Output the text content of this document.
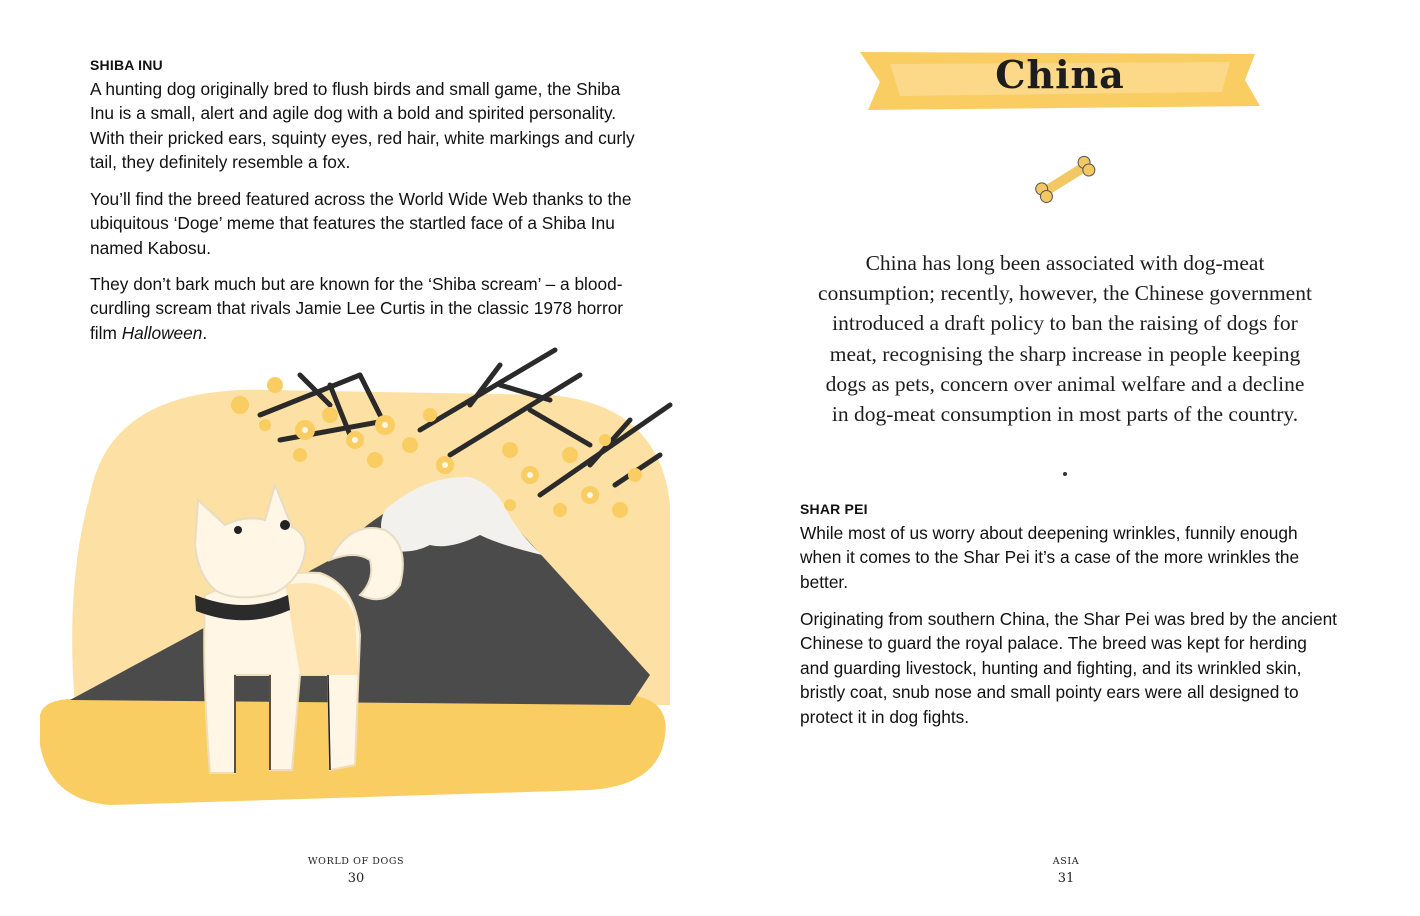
SHIBA INU

A hunting dog originally bred to flush birds and small game, the Shiba Inu is a small, alert and agile dog with a bold and spirited personality. With their pricked ears, squinty eyes, red hair, white markings and curly tail, they definitely resemble a fox.

You’ll find the breed featured across the World Wide Web thanks to the ubiquitous ‘Doge’ meme that features the startled face of a Shiba Inu named Kabosu.

They don’t bark much but are known for the ‘Shiba scream’ – a blood-curdling scream that rivals Jamie Lee Curtis in the classic 1978 horror film Halloween.

WORLD OF DOGS
30
China

China has long been associated with dog-meat consumption; recently, however, the Chinese government introduced a draft policy to ban the raising of dogs for meat, recognising the sharp increase in people keeping dogs as pets, concern over animal welfare and a decline in dog-meat consumption in most parts of the country.

SHAR PEI

While most of us worry about deepening wrinkles, funnily enough when it comes to the Shar Pei it’s a case of the more wrinkles the better.

Originating from southern China, the Shar Pei was bred by the ancient Chinese to guard the royal palace. The breed was kept for herding and guarding livestock, hunting and fighting, and its wrinkled skin, bristly coat, snub nose and small pointy ears were all designed to protect it in dog fights.

ASIA
31
